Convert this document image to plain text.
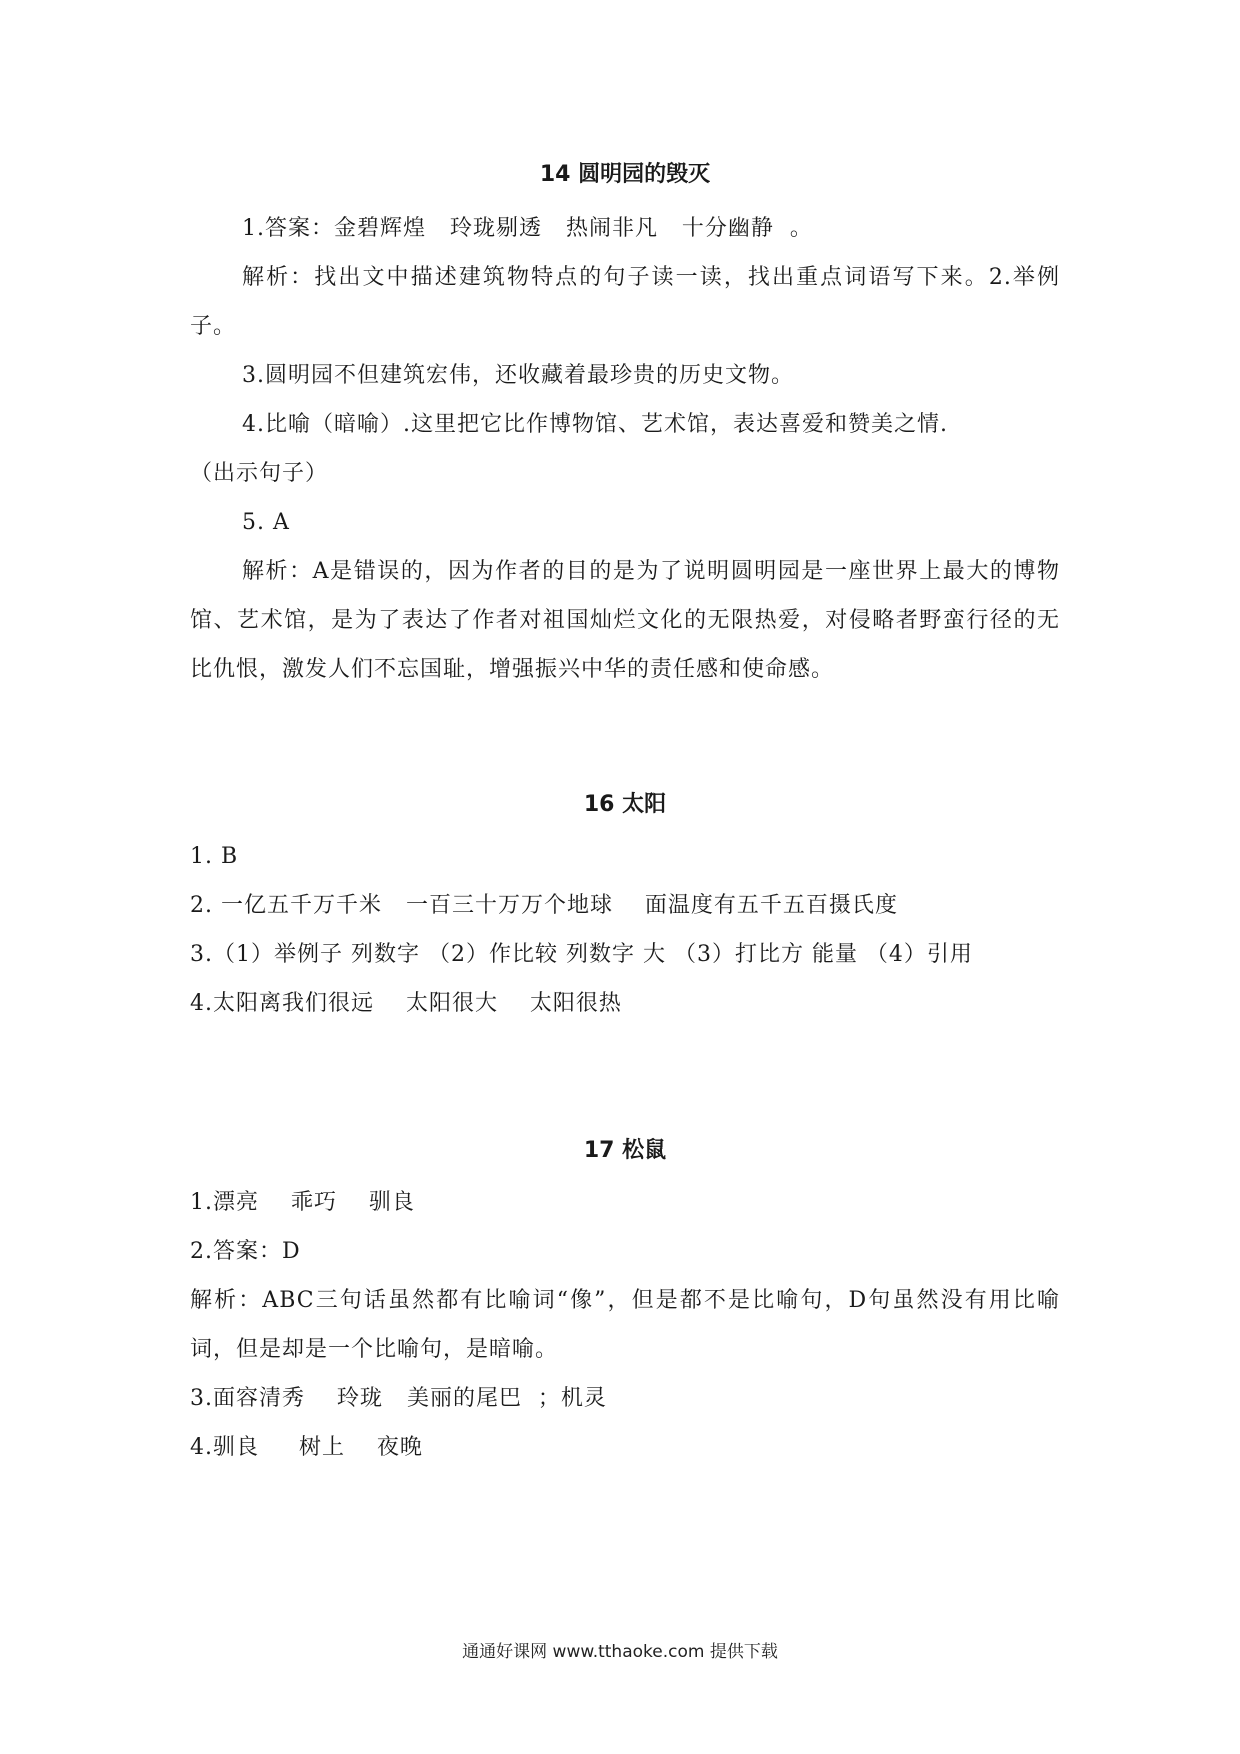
14 圆明园的毁灭

1.答案：金碧辉煌   玲珑剔透   热闹非凡   十分幽静  。

解析：找出文中描述建筑物特点的句子读一读，找出重点词语写下来。2.举例子。

3.圆明园不但建筑宏伟，还收藏着最珍贵的历史文物。

4.比喻（暗喻）.这里把它比作博物馆、艺术馆，表达喜爱和赞美之情.

（出示句子）

5. A

解析：A是错误的，因为作者的目的是为了说明圆明园是一座世界上最大的博物馆、艺术馆，是为了表达了作者对祖国灿烂文化的无限热爱，对侵略者野蛮行径的无比仇恨，激发人们不忘国耻，增强振兴中华的责任感和使命感。

16 太阳

1. B

2. 一亿五千万千米   一百三十万万个地球    面温度有五千五百摄氏度

3.（1）举例子 列数字 （2）作比较 列数字 大 （3）打比方 能量 （4）引用

4.太阳离我们很远    太阳很大    太阳很热

17 松鼠

1.漂亮    乖巧    驯良

2.答案：D

解析：ABC三句话虽然都有比喻词“像”，但是都不是比喻句，D句虽然没有用比喻词，但是却是一个比喻句，是暗喻。

3.面容清秀    玲珑   美丽的尾巴  ；机灵

4.驯良     树上    夜晚

通通好课网 www.tthaoke.com 提供下载
